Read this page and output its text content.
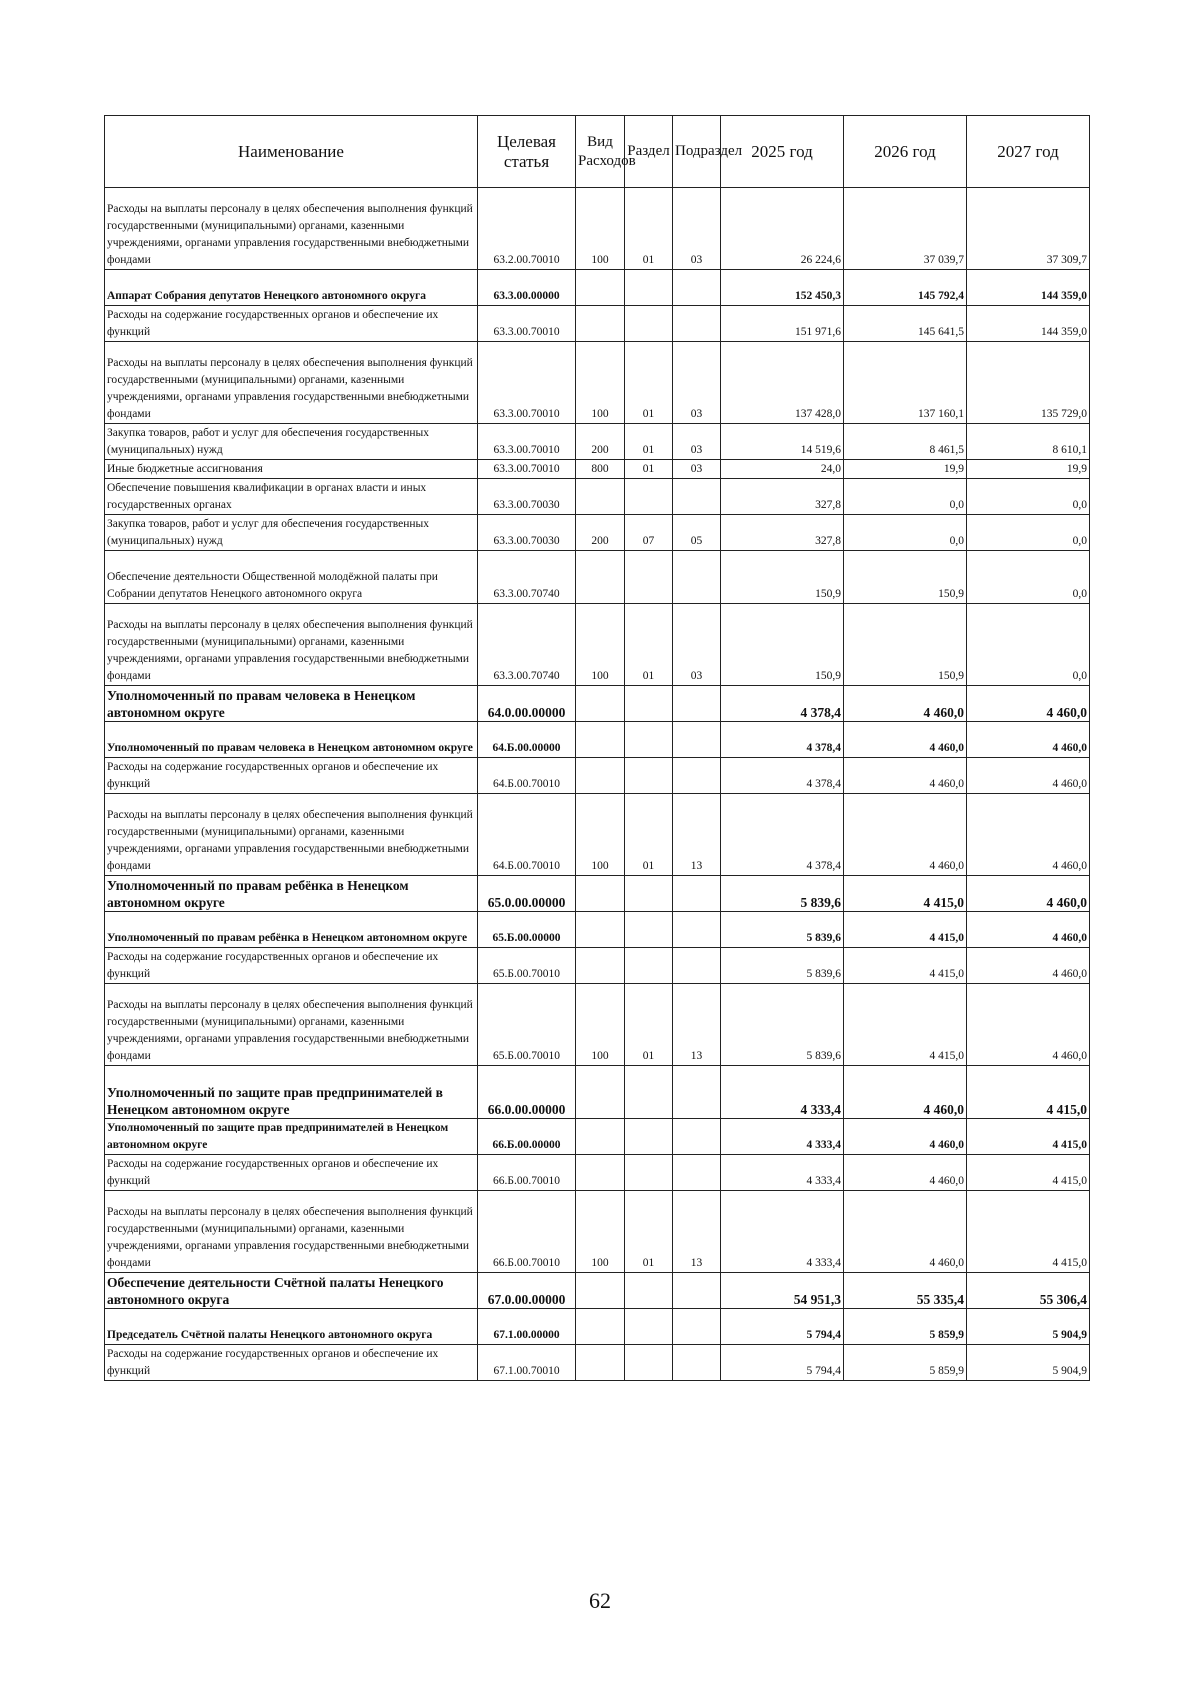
Наименование	Целевая статья	Вид Расходов	Раздел	Подраздел	2025 год	2026 год	2027 год
Расходы на выплаты персоналу в целях обеспечения выполнения функций государственными (муниципальными) органами, казенными учреждениями, органами управления государственными внебюджетными фондами	63.2.00.70010	100	01	03	26 224,6	37 039,7	37 309,7
Аппарат Собрания депутатов Ненецкого автономного округа	63.3.00.00000				152 450,3	145 792,4	144 359,0
Расходы на содержание государственных органов и обеспечение их функций	63.3.00.70010				151 971,6	145 641,5	144 359,0
Расходы на выплаты персоналу в целях обеспечения выполнения функций государственными (муниципальными) органами, казенными учреждениями, органами управления государственными внебюджетными фондами	63.3.00.70010	100	01	03	137 428,0	137 160,1	135 729,0
Закупка товаров, работ и услуг для обеспечения государственных (муниципальных) нужд	63.3.00.70010	200	01	03	14 519,6	8 461,5	8 610,1
Иные бюджетные ассигнования	63.3.00.70010	800	01	03	24,0	19,9	19,9
Обеспечение повышения квалификации в органах власти и иных государственных органах	63.3.00.70030				327,8	0,0	0,0
Закупка товаров, работ и услуг для обеспечения государственных (муниципальных) нужд	63.3.00.70030	200	07	05	327,8	0,0	0,0
Обеспечение деятельности Общественной молодёжной палаты при Собрании депутатов Ненецкого автономного округа	63.3.00.70740				150,9	150,9	0,0
Расходы на выплаты персоналу в целях обеспечения выполнения функций государственными (муниципальными) органами, казенными учреждениями, органами управления государственными внебюджетными фондами	63.3.00.70740	100	01	03	150,9	150,9	0,0
Уполномоченный по правам человека в Ненецком автономном округе	64.0.00.00000				4 378,4	4 460,0	4 460,0
Уполномоченный по правам человека в Ненецком автономном округе	64.Б.00.00000				4 378,4	4 460,0	4 460,0
Расходы на содержание государственных органов и обеспечение их функций	64.Б.00.70010				4 378,4	4 460,0	4 460,0
Расходы на выплаты персоналу в целях обеспечения выполнения функций государственными (муниципальными) органами, казенными учреждениями, органами управления государственными внебюджетными фондами	64.Б.00.70010	100	01	13	4 378,4	4 460,0	4 460,0
Уполномоченный по правам ребёнка в Ненецком автономном округе	65.0.00.00000				5 839,6	4 415,0	4 460,0
Уполномоченный по правам ребёнка в Ненецком автономном округе	65.Б.00.00000				5 839,6	4 415,0	4 460,0
Расходы на содержание государственных органов и обеспечение их функций	65.Б.00.70010				5 839,6	4 415,0	4 460,0
Расходы на выплаты персоналу в целях обеспечения выполнения функций государственными (муниципальными) органами, казенными учреждениями, органами управления государственными внебюджетными фондами	65.Б.00.70010	100	01	13	5 839,6	4 415,0	4 460,0
Уполномоченный по защите прав предпринимателей в Ненецком автономном округе	66.0.00.00000				4 333,4	4 460,0	4 415,0
Уполномоченный по защите прав предпринимателей в Ненецком автономном округе	66.Б.00.00000				4 333,4	4 460,0	4 415,0
Расходы на содержание государственных органов и обеспечение их функций	66.Б.00.70010				4 333,4	4 460,0	4 415,0
Расходы на выплаты персоналу в целях обеспечения выполнения функций государственными (муниципальными) органами, казенными учреждениями, органами управления государственными внебюджетными фондами	66.Б.00.70010	100	01	13	4 333,4	4 460,0	4 415,0
Обеспечение деятельности Счётной палаты Ненецкого автономного округа	67.0.00.00000				54 951,3	55 335,4	55 306,4
Председатель Счётной палаты Ненецкого автономного округа	67.1.00.00000				5 794,4	5 859,9	5 904,9
Расходы на содержание государственных органов и обеспечение их функций	67.1.00.70010				5 794,4	5 859,9	5 904,9
62
